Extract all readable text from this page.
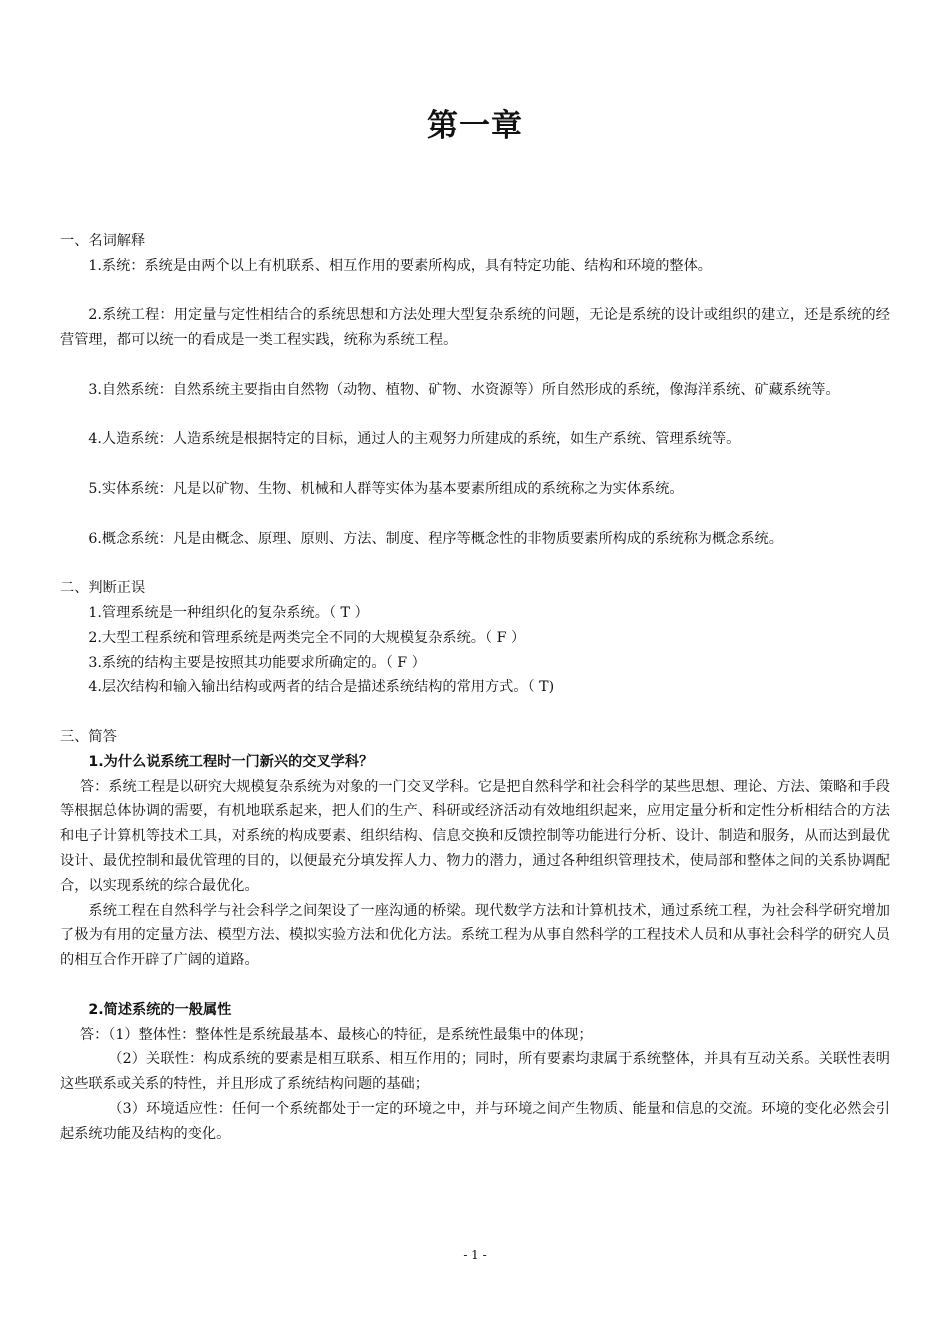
第一章

一、名词解释

1.系统：系统是由两个以上有机联系、相互作用的要素所构成，具有特定功能、结构和环境的整体。

2.系统工程：用定量与定性相结合的系统思想和方法处理大型复杂系统的问题，无论是系统的设计或组织的建立，还是系统的经营管理，都可以统一的看成是一类工程实践，统称为系统工程。

3.自然系统：自然系统主要指由自然物（动物、植物、矿物、水资源等）所自然形成的系统，像海洋系统、矿藏系统等。

4.人造系统：人造系统是根据特定的目标，通过人的主观努力所建成的系统，如生产系统、管理系统等。

5.实体系统：凡是以矿物、生物、机械和人群等实体为基本要素所组成的系统称之为实体系统。

6.概念系统：凡是由概念、原理、原则、方法、制度、程序等概念性的非物质要素所构成的系统称为概念系统。

二、判断正误

1.管理系统是一种组织化的复杂系统。（ T ）

2.大型工程系统和管理系统是两类完全不同的大规模复杂系统。（ F ）

3.系统的结构主要是按照其功能要求所确定的。（ F ）

4.层次结构和输入输出结构或两者的结合是描述系统结构的常用方式。（ T)

三、简答

1.为什么说系统工程时一门新兴的交叉学科？

答：系统工程是以研究大规模复杂系统为对象的一门交叉学科。它是把自然科学和社会科学的某些思想、理论、方法、策略和手段等根据总体协调的需要，有机地联系起来，把人们的生产、科研或经济活动有效地组织起来，应用定量分析和定性分析相结合的方法和电子计算机等技术工具，对系统的构成要素、组织结构、信息交换和反馈控制等功能进行分析、设计、制造和服务，从而达到最优设计、最优控制和最优管理的目的，以便最充分填发挥人力、物力的潜力，通过各种组织管理技术，使局部和整体之间的关系协调配合，以实现系统的综合最优化。

系统工程在自然科学与社会科学之间架设了一座沟通的桥梁。现代数学方法和计算机技术，通过系统工程，为社会科学研究增加了极为有用的定量方法、模型方法、模拟实验方法和优化方法。系统工程为从事自然科学的工程技术人员和从事社会科学的研究人员的相互合作开辟了广阔的道路。

2.简述系统的一般属性

答：（1）整体性：整体性是系统最基本、最核心的特征，是系统性最集中的体现；

（2）关联性：构成系统的要素是相互联系、相互作用的；同时，所有要素均隶属于系统整体，并具有互动关系。关联性表明这些联系或关系的特性，并且形成了系统结构问题的基础；

（3）环境适应性：任何一个系统都处于一定的环境之中，并与环境之间产生物质、能量和信息的交流。环境的变化必然会引起系统功能及结构的变化。

- 1 -
